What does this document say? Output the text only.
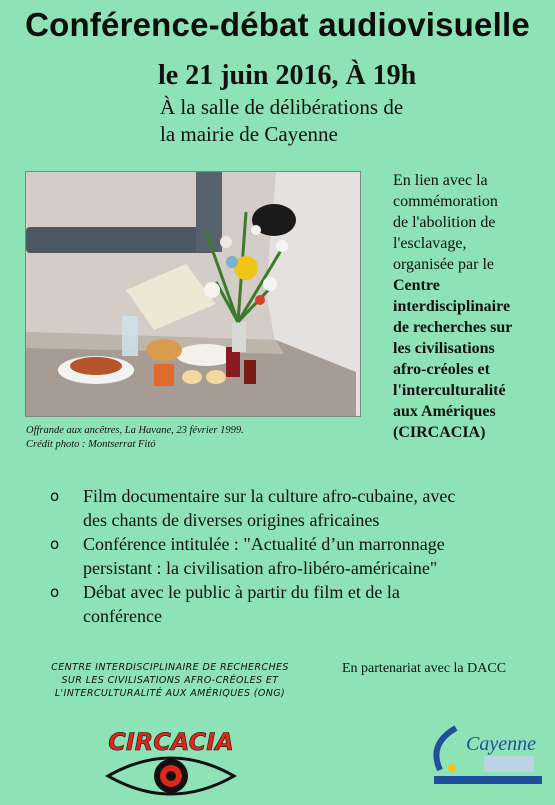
Conférence-débat audiovisuelle
le 21 juin 2016, À 19h
À la salle de délibérations de
la mairie de Cayenne
Offrande aux ancêtres, La Havane, 23 février 1999.
Crédit photo : Montserrat Fitó
En lien avec la
commémoration
de l'abolition de
l'esclavage,
organisée par le
Centre
interdisciplinaire
de recherches sur
les civilisations
afro-créoles et
l'interculturalité
aux Amériques
(CIRCACIA)
o Film documentaire sur la culture afro-cubaine, avec
des chants de diverses origines africaines
o Conférence intitulée : "Actualité d’un marronnage
persistant : la civilisation afro-libéro-américaine"
o Débat avec le public à partir du film et de la
conférence
CENTRE INTERDISCIPLINAIRE DE RECHERCHES
SUR LES CIVILISATIONS AFRO-CRÉOLES ET
L'INTERCULTURALITÉ AUX AMÉRIQUES (ONG)
En partenariat avec la DACC
CIRCACIA	Cayenne
